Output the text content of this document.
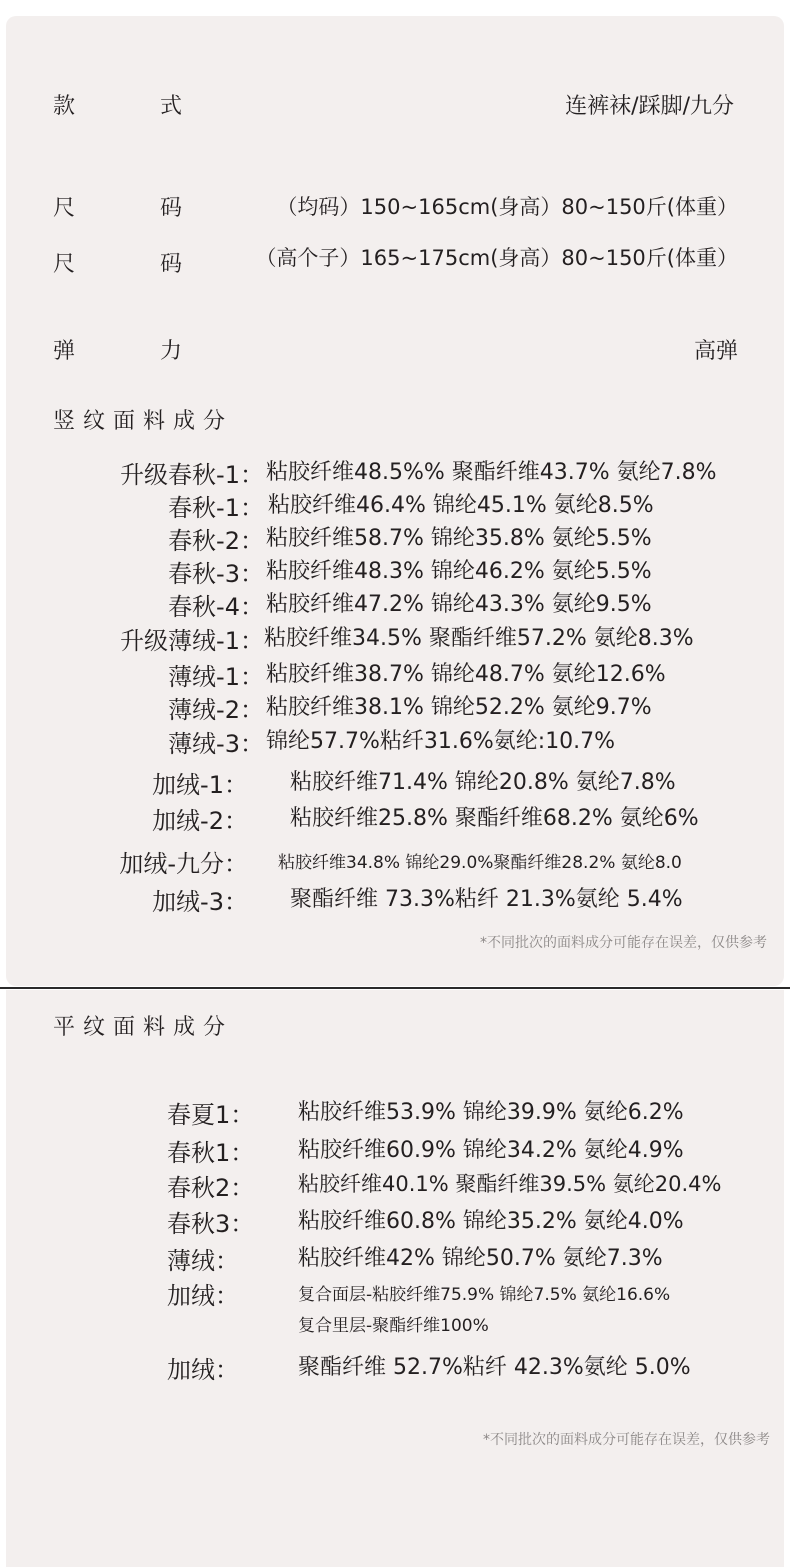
款	式	连裤袜/踩脚/九分
尺	码	（均码）150~165cm(身高）80~150斤(体重）
尺	码	（高个子）165~175cm(身高）80~150斤(体重）
弹	力	高弹
竖纹面料成分
升级春秋-1： 粘胶纤维48.5%% 聚酯纤维43.7% 氨纶7.8%
春秋-1： 粘胶纤维46.4% 锦纶45.1% 氨纶8.5%
春秋-2： 粘胶纤维58.7% 锦纶35.8% 氨纶5.5%
春秋-3： 粘胶纤维48.3% 锦纶46.2% 氨纶5.5%
春秋-4： 粘胶纤维47.2% 锦纶43.3% 氨纶9.5%
升级薄绒-1： 粘胶纤维34.5% 聚酯纤维57.2% 氨纶8.3%
薄绒-1： 粘胶纤维38.7% 锦纶48.7% 氨纶12.6%
薄绒-2： 粘胶纤维38.1% 锦纶52.2% 氨纶9.7%
薄绒-3： 锦纶57.7%粘纤31.6%氨纶:10.7%
加绒-1： 粘胶纤维71.4% 锦纶20.8% 氨纶7.8%
加绒-2： 粘胶纤维25.8% 聚酯纤维68.2% 氨纶6%
加绒-九分： 粘胶纤维34.8% 锦纶29.0%聚酯纤维28.2% 氨纶8.0
加绒-3： 聚酯纤维 73.3%粘纤 21.3%氨纶 5.4%
*不同批次的面料成分可能存在误差，仅供参考
平纹面料成分
春夏1： 粘胶纤维53.9% 锦纶39.9% 氨纶6.2%
春秋1： 粘胶纤维60.9% 锦纶34.2% 氨纶4.9%
春秋2： 粘胶纤维40.1% 聚酯纤维39.5% 氨纶20.4%
春秋3： 粘胶纤维60.8% 锦纶35.2% 氨纶4.0%
薄绒：	粘胶纤维42% 锦纶50.7% 氨纶7.3%
加绒：	复合面层-粘胶纤维75.9% 锦纶7.5% 氨纶16.6%
复合里层-聚酯纤维100%
加绒：	聚酯纤维 52.7%粘纤 42.3%氨纶 5.0%
*不同批次的面料成分可能存在误差，仅供参考
